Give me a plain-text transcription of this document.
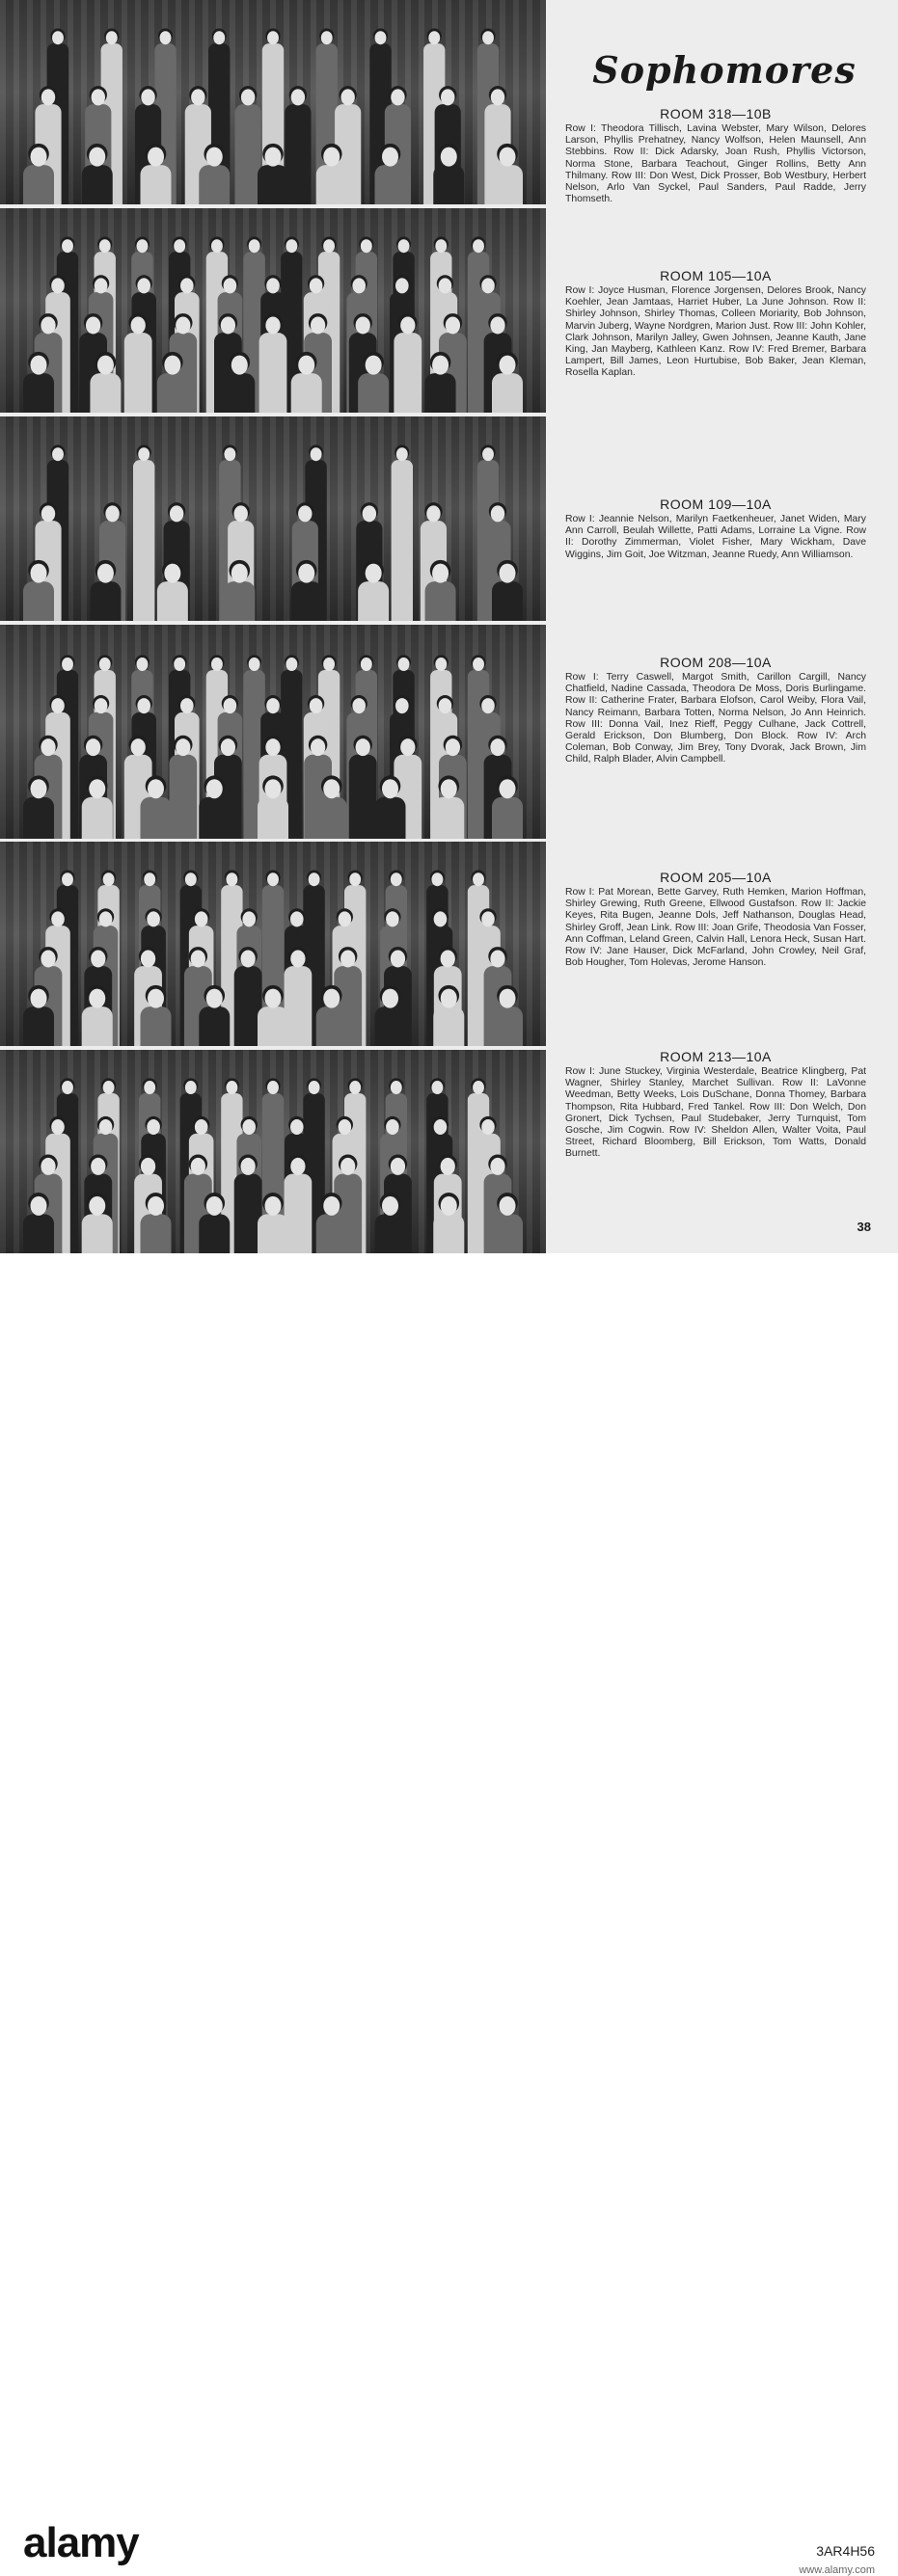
Sophomores
ROOM 318—10B

Row I: Theodora Tillisch, Lavina Webster, Mary Wilson, Delores Larson, Phyllis Prehatney, Nancy Wolfson, Helen Maunsell, Ann Stebbins. Row II: Dick Adarsky, Joan Rush, Phyllis Victorson, Norma Stone, Barbara Teachout, Ginger Rollins, Betty Ann Thilmany. Row III: Don West, Dick Prosser, Bob Westbury, Herbert Nelson, Arlo Van Syckel, Paul Sanders, Paul Radde, Jerry Thomseth.

ROOM 105—10A

Row I: Joyce Husman, Florence Jorgensen, Delores Brook, Nancy Koehler, Jean Jamtaas, Harriet Huber, La June Johnson. Row II: Shirley Johnson, Shirley Thomas, Colleen Moriarity, Bob Johnson, Marvin Juberg, Wayne Nordgren, Marion Just. Row III: John Kohler, Clark Johnson, Marilyn Jalley, Gwen Johnsen, Jeanne Kauth, Jane King, Jan Mayberg, Kathleen Kanz. Row IV: Fred Bremer, Barbara Lampert, Bill James, Leon Hurtubise, Bob Baker, Jean Kleman, Rosella Kaplan.

ROOM 109—10A

Row I: Jeannie Nelson, Marilyn Faetkenheuer, Janet Widen, Mary Ann Carroll, Beulah Willette, Patti Adams, Lorraine La Vigne. Row II: Dorothy Zimmerman, Violet Fisher, Mary Wickham, Dave Wiggins, Jim Goit, Joe Witzman, Jeanne Ruedy, Ann Williamson.

ROOM 208—10A

Row I: Terry Caswell, Margot Smith, Carillon Cargill, Nancy Chatfield, Nadine Cassada, Theodora De Moss, Doris Burlingame. Row II: Catherine Frater, Barbara Elofson, Carol Weiby, Flora Vail, Nancy Reimann, Barbara Totten, Norma Nelson, Jo Ann Heinrich. Row III: Donna Vail, Inez Rieff, Peggy Culhane, Jack Cottrell, Gerald Erickson, Don Blumberg, Don Block. Row IV: Arch Coleman, Bob Conway, Jim Brey, Tony Dvorak, Jack Brown, Jim Child, Ralph Blader, Alvin Campbell.

ROOM 205—10A

Row I: Pat Morean, Bette Garvey, Ruth Hemken, Marion Hoffman, Shirley Grewing, Ruth Greene, Ellwood Gustafson. Row II: Jackie Keyes, Rita Bugen, Jeanne Dols, Jeff Nathanson, Douglas Head, Shirley Groff, Jean Link. Row III: Joan Grife, Theodosia Van Fosser, Ann Coffman, Leland Green, Calvin Hall, Lenora Heck, Susan Hart. Row IV: Jane Hauser, Dick McFarland, John Crowley, Neil Graf, Bob Hougher, Tom Holevas, Jerome Hanson.

ROOM 213—10A

Row I: June Stuckey, Virginia Westerdale, Beatrice Klingberg, Pat Wagner, Shirley Stanley, Marchet Sullivan. Row II: LaVonne Weedman, Betty Weeks, Lois DuSchane, Donna Thomey, Barbara Thompson, Rita Hubbard, Fred Tankel. Row III: Don Welch, Don Gronert, Dick Tychsen, Paul Studebaker, Jerry Turnquist, Tom Gosche, Jim Cogwin. Row IV: Sheldon Allen, Walter Voita, Paul Street, Richard Bloomberg, Bill Erickson, Tom Watts, Donald Burnett.

38
alamy	3AR4H56
www.alamy.com
